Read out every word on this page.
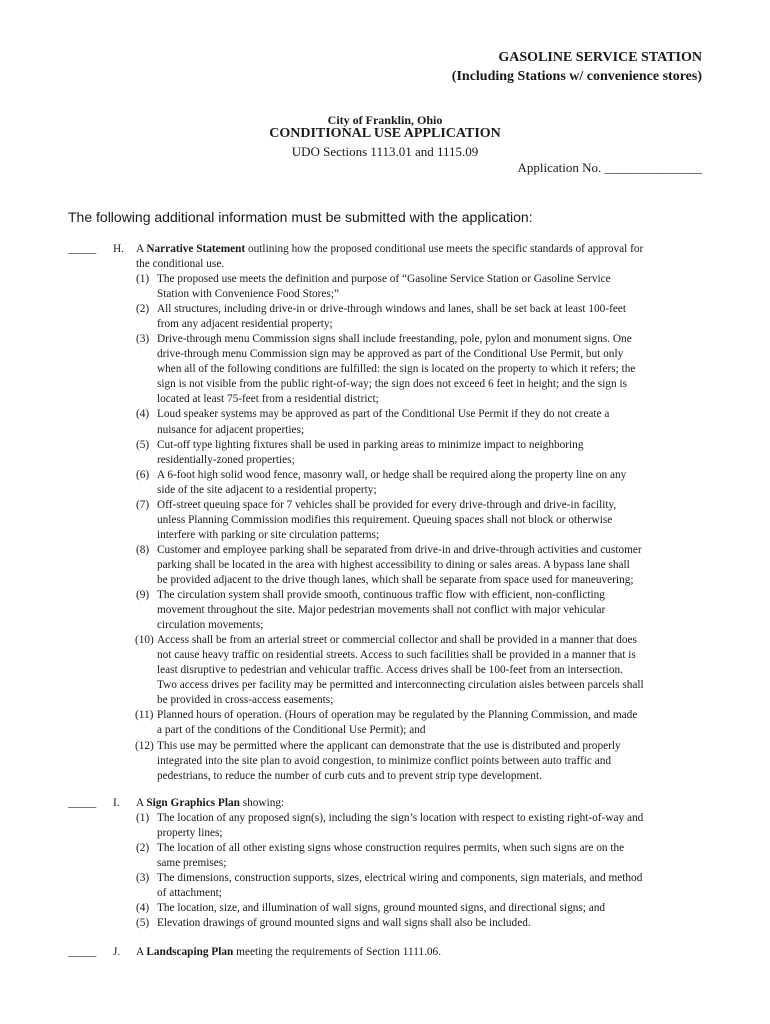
GASOLINE SERVICE STATION
(Including Stations w/ convenience stores)
City of Franklin, Ohio
CONDITIONAL USE APPLICATION
UDO Sections 1113.01 and 1115.09
Application No. _______________
The following additional information must be submitted with the application:
_____	H. A Narrative Statement outlining how the proposed conditional use meets the specific standards of approval for
the conditional use.
(1) The proposed use meets the definition and purpose of “Gasoline Service Station or Gasoline Service
Station with Convenience Food Stores;”
(2) All structures, including drive-in or drive-through windows and lanes, shall be set back at least 100-feet
from any adjacent residential property;
(3) Drive-through menu Commission signs shall include freestanding, pole, pylon and monument signs. One
drive-through menu Commission sign may be approved as part of the Conditional Use Permit, but only
when all of the following conditions are fulfilled: the sign is located on the property to which it refers; the
sign is not visible from the public right-of-way; the sign does not exceed 6 feet in height; and the sign is
located at least 75-feet from a residential district;
(4) Loud speaker systems may be approved as part of the Conditional Use Permit if they do not create a
nuisance for adjacent properties;
(5) Cut-off type lighting fixtures shall be used in parking areas to minimize impact to neighboring
residentially-zoned properties;
(6) A 6-foot high solid wood fence, masonry wall, or hedge shall be required along the property line on any
side of the site adjacent to a residential property;
(7) Off-street queuing space for 7 vehicles shall be provided for every drive-through and drive-in facility,
unless Planning Commission modifies this requirement. Queuing spaces shall not block or otherwise
interfere with parking or site circulation patterns;
(8) Customer and employee parking shall be separated from drive-in and drive-through activities and customer
parking shall be located in the area with highest accessibility to dining or sales areas. A bypass lane shall
be provided adjacent to the drive though lanes, which shall be separate from space used for maneuvering;
(9) The circulation system shall provide smooth, continuous traffic flow with efficient, non-conflicting
movement throughout the site. Major pedestrian movements shall not conflict with major vehicular
circulation movements;
(10) Access shall be from an arterial street or commercial collector and shall be provided in a manner that does
not cause heavy traffic on residential streets. Access to such facilities shall be provided in a manner that is
least disruptive to pedestrian and vehicular traffic. Access drives shall be 100-feet from an intersection.
Two access drives per facility may be permitted and interconnecting circulation aisles between parcels shall
be provided in cross-access easements;
(11) Planned hours of operation. (Hours of operation may be regulated by the Planning Commission, and made
a part of the conditions of the Conditional Use Permit); and
(12) This use may be permitted where the applicant can demonstrate that the use is distributed and properly
integrated into the site plan to avoid congestion, to minimize conflict points between auto traffic and
pedestrians, to reduce the number of curb cuts and to prevent strip type development.
_____	I. A Sign Graphics Plan showing:
(1) The location of any proposed sign(s), including the sign’s location with respect to existing right-of-way and
property lines;
(2) The location of all other existing signs whose construction requires permits, when such signs are on the
same premises;
(3) The dimensions, construction supports, sizes, electrical wiring and components, sign materials, and method
of attachment;
(4) The location, size, and illumination of wall signs, ground mounted signs, and directional signs; and
(5) Elevation drawings of ground mounted signs and wall signs shall also be included.
_____	J. A Landscaping Plan meeting the requirements of Section 1111.06.
